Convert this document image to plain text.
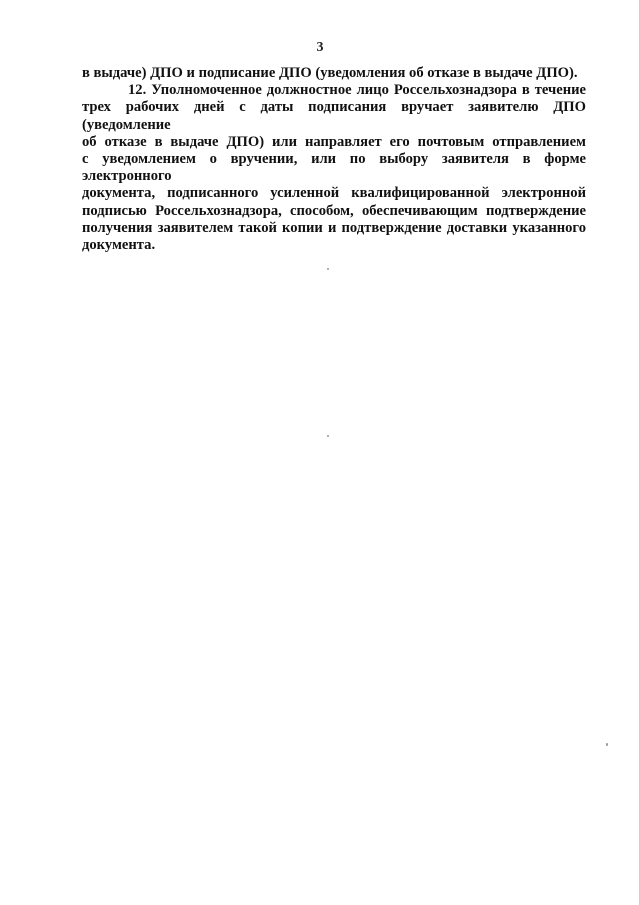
3
в выдаче) ДПО и подписание ДПО (уведомления об отказе в выдаче ДПО).
12. Уполномоченное должностное лицо Россельхознадзора в течение
трех рабочих дней с даты подписания вручает заявителю ДПО (уведомление
об отказе в выдаче ДПО) или направляет его почтовым отправлением
с уведомлением о вручении, или по выбору заявителя в форме электронного
документа, подписанного усиленной квалифицированной электронной
подписью Россельхознадзора, способом, обеспечивающим подтверждение
получения заявителем такой копии и подтверждение доставки указанного
документа.
